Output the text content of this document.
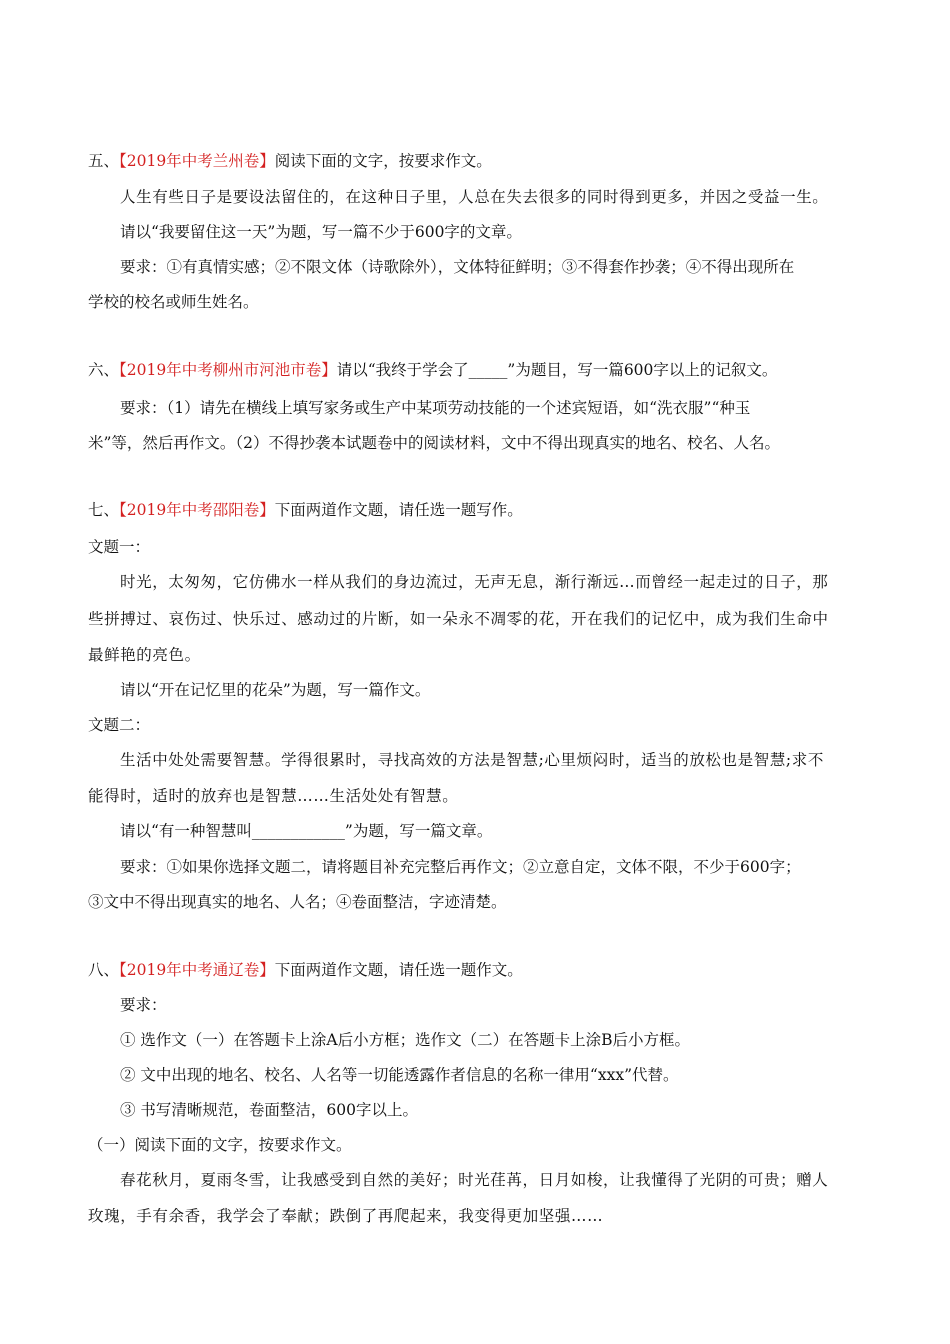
五、【2019年中考兰州卷】阅读下面的文字，按要求作文。
人生有些日子是要设法留住的，在这种日子里，人总在失去很多的同时得到更多，并因之受益一生。
请以“我要留住这一天”为题，写一篇不少于600字的文章。
要求：①有真情实感；②不限文体（诗歌除外），文体特征鲜明；③不得套作抄袭；④不得出现所在
学校的校名或师生姓名。
六、【2019年中考柳州市河池市卷】请以“我终于学会了_____”为题目，写一篇600字以上的记叙文。
要求：（1）请先在横线上填写家务或生产中某项劳动技能的一个述宾短语，如“洗衣服”“种玉
米”等，然后再作文。（2）不得抄袭本试题卷中的阅读材料，文中不得出现真实的地名、校名、人名。
七、【2019年中考邵阳卷】下面两道作文题，请任选一题写作。
文题一：
时光，太匆匆，它仿佛水一样从我们的身边流过，无声无息，渐行渐远…而曾经一起走过的日子，那
些拼搏过、哀伤过、快乐过、感动过的片断，如一朵永不凋零的花，开在我们的记忆中，成为我们生命中
最鲜艳的亮色。
请以“开在记忆里的花朵”为题，写一篇作文。
文题二：
生活中处处需要智慧。学得很累时，寻找高效的方法是智慧;心里烦闷时，适当的放松也是智慧;求不
能得时，适时的放弃也是智慧……生活处处有智慧。
请以“有一种智慧叫____________”为题，写一篇文章。
要求：①如果你选择文题二，请将题目补充完整后再作文；②立意自定，文体不限，不少于600字；
③文中不得出现真实的地名、人名；④卷面整洁，字迹清楚。
八、【2019年中考通辽卷】下面两道作文题，请任选一题作文。
要求：
① 选作文（一）在答题卡上涂A后小方框；选作文（二）在答题卡上涂B后小方框。
② 文中出现的地名、校名、人名等一切能透露作者信息的名称一律用“xxx”代替。
③ 书写清晰规范，卷面整洁，600字以上。
（一）阅读下面的文字，按要求作文。
春花秋月，夏雨冬雪，让我感受到自然的美好；时光荏苒，日月如梭，让我懂得了光阴的可贵；赠人
玫瑰，手有余香，我学会了奉献；跌倒了再爬起来，我变得更加坚强……
